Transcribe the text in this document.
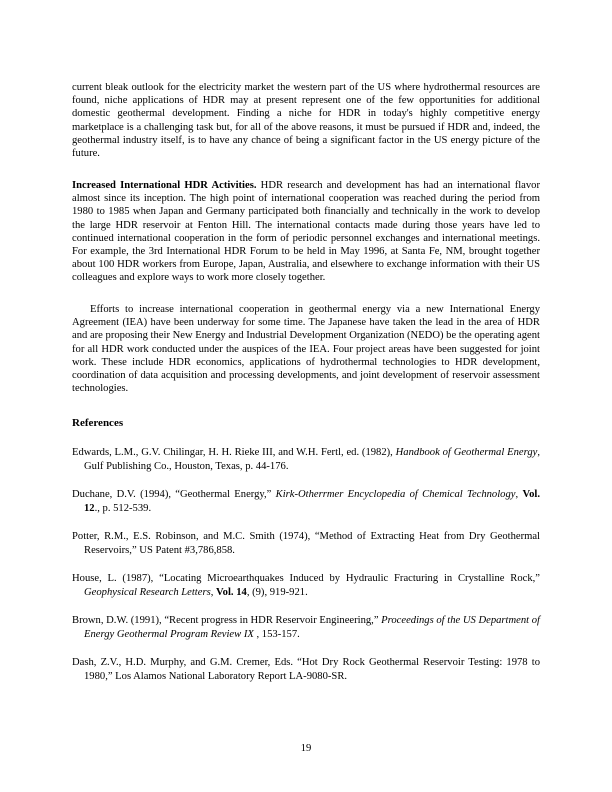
current bleak outlook for the electricity market the western part of the US where hydrothermal resources are found, niche applications of HDR may at present represent one of the few opportunities for additional domestic geothermal development. Finding a niche for HDR in today's highly competitive energy marketplace is a challenging task but, for all of the above reasons, it must be pursued if HDR and, indeed, the geothermal industry itself, is to have any chance of being a significant factor in the US energy picture of the future.

Increased International HDR Activities. HDR research and development has had an international flavor almost since its inception. The high point of international cooperation was reached during the period from 1980 to 1985 when Japan and Germany participated both financially and technically in the work to develop the large HDR reservoir at Fenton Hill. The international contacts made during those years have led to continued international cooperation in the form of periodic personnel exchanges and international meetings. For example, the 3rd International HDR Forum to be held in May 1996, at Santa Fe, NM, brought together about 100 HDR workers from Europe, Japan, Australia, and elsewhere to exchange information with their US colleagues and explore ways to work more closely together.

Efforts to increase international cooperation in geothermal energy via a new International Energy Agreement (IEA) have been underway for some time. The Japanese have taken the lead in the area of HDR and are proposing their New Energy and Industrial Development Organization (NEDO) be the operating agent for all HDR work conducted under the auspices of the IEA. Four project areas have been suggested for joint work. These include HDR economics, applications of hydrothermal technologies to HDR development, coordination of data acquisition and processing developments, and joint development of reservoir assessment technologies.

References

Edwards, L.M., G.V. Chilingar, H. H. Rieke III, and W.H. Fertl, ed. (1982), Handbook of Geothermal Energy, Gulf Publishing Co., Houston, Texas, p. 44-176.

Duchane, D.V. (1994), “Geothermal Energy,” Kirk-Otherrmer Encyclopedia of Chemical Technology, Vol. 12., p. 512-539.

Potter, R.M., E.S. Robinson, and M.C. Smith (1974), “Method of Extracting Heat from Dry Geothermal Reservoirs,” US Patent #3,786,858.

House, L. (1987), “Locating Microearthquakes Induced by Hydraulic Fracturing in Crystalline Rock,” Geophysical Research Letters, Vol. 14, (9), 919-921.

Brown, D.W. (1991), “Recent progress in HDR Reservoir Engineering,” Proceedings of the US Department of Energy Geothermal Program Review IX , 153-157.

Dash, Z.V., H.D. Murphy, and G.M. Cremer, Eds. “Hot Dry Rock Geothermal Reservoir Testing: 1978 to 1980,” Los Alamos National Laboratory Report LA-9080-SR.

19
